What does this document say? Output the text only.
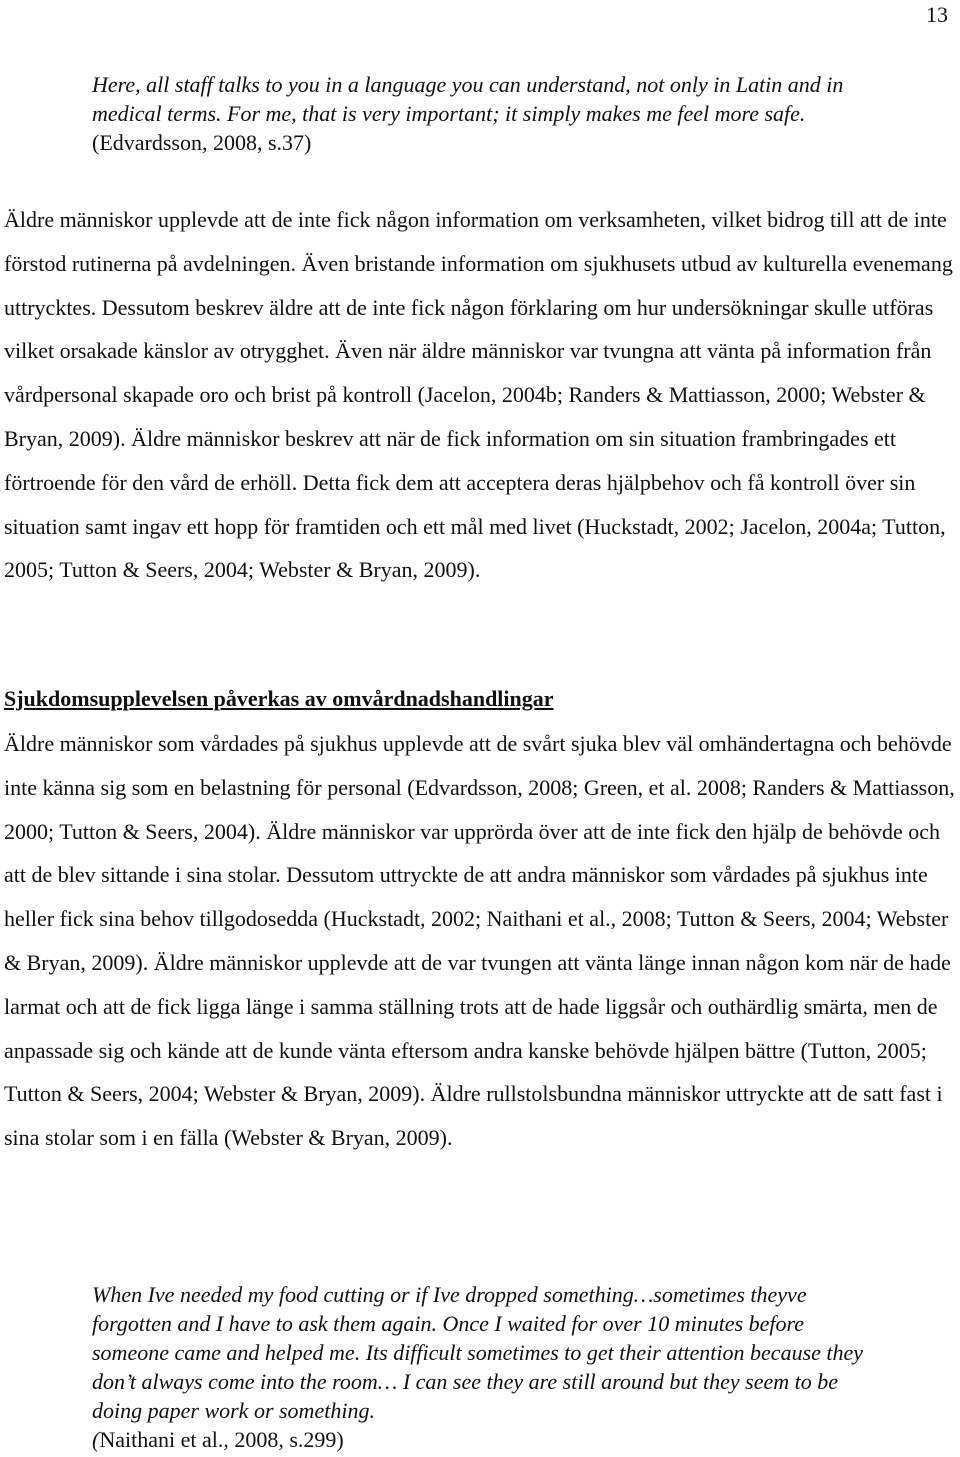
13

Here, all staff talks to you in a language you can understand, not only in Latin and in medical terms. For me, that is very important; it simply makes me feel more safe. (Edvardsson, 2008, s.37)

Äldre människor upplevde att de inte fick någon information om verksamheten, vilket bidrog till att de inte förstod rutinerna på avdelningen. Även bristande information om sjukhusets utbud av kulturella evenemang uttrycktes. Dessutom beskrev äldre att de inte fick någon förklaring om hur undersökningar skulle utföras vilket orsakade känslor av otrygghet. Även när äldre människor var tvungna att vänta på information från vårdpersonal skapade oro och brist på kontroll (Jacelon, 2004b; Randers & Mattiasson, 2000; Webster & Bryan, 2009). Äldre människor beskrev att när de fick information om sin situation frambringades ett förtroende för den vård de erhöll. Detta fick dem att acceptera deras hjälpbehov och få kontroll över sin situation samt ingav ett hopp för framtiden och ett mål med livet (Huckstadt, 2002; Jacelon, 2004a; Tutton, 2005; Tutton & Seers, 2004; Webster & Bryan, 2009).

Sjukdomsupplevelsen påverkas av omvårdnadshandlingar

Äldre människor som vårdades på sjukhus upplevde att de svårt sjuka blev väl omhändertagna och behövde inte känna sig som en belastning för personal (Edvardsson, 2008; Green, et al. 2008; Randers & Mattiasson, 2000; Tutton & Seers, 2004). Äldre människor var upprörda över att de inte fick den hjälp de behövde och att de blev sittande i sina stolar. Dessutom uttryckte de att andra människor som vårdades på sjukhus inte heller fick sina behov tillgodosedda (Huckstadt, 2002; Naithani et al., 2008; Tutton & Seers, 2004; Webster & Bryan, 2009). Äldre människor upplevde att de var tvungen att vänta länge innan någon kom när de hade larmat och att de fick ligga länge i samma ställning trots att de hade liggsår och outhärdlig smärta, men de anpassade sig och kände att de kunde vänta eftersom andra kanske behövde hjälpen bättre (Tutton, 2005; Tutton & Seers, 2004; Webster & Bryan, 2009). Äldre rullstolsbundna människor uttryckte att de satt fast i sina stolar som i en fälla (Webster & Bryan, 2009).

When Ive needed my food cutting or if Ive dropped something…sometimes theyve forgotten and I have to ask them again. Once I waited for over 10 minutes before someone came and helped me. Its difficult sometimes to get their attention because they don’t always come into the room… I can see they are still around but they seem to be doing paper work or something.
(Naithani et al., 2008, s.299)
